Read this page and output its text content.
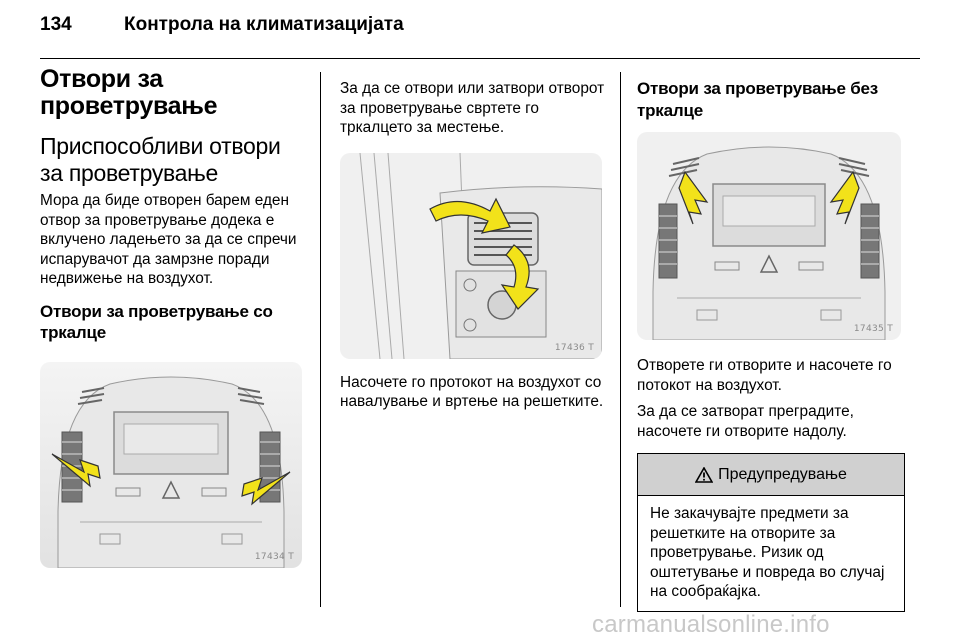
134	Контрола на климатизацијата
Отвори за проветрување
Приспособливи отвори за проветрување

Мора да биде отворен барем еден отвор за проветрување додека е вклучено ладењето за да се спречи испарувачот да замрзне поради недвижење на воздухот.

Отвори за проветрување со тркалце
17434 T

За да се отвори или затвори отворот за проветрување свртете го тркалцето за местење.

17436 T

Насочете го протокот на воздухот со навалување и вртење на решетките.

Отвори за проветрување без тркалце
17435 T

Отворете ги отворите и насочете го потокот на воздухот.

За да се затворат преградите, насочете ги отворите надолу.

Предупредување
Не закачувајте предмети за решетките на отворите за проветрување. Ризик од оштетување и повреда во случај на сообраќајка.
carmanualsonline.info
